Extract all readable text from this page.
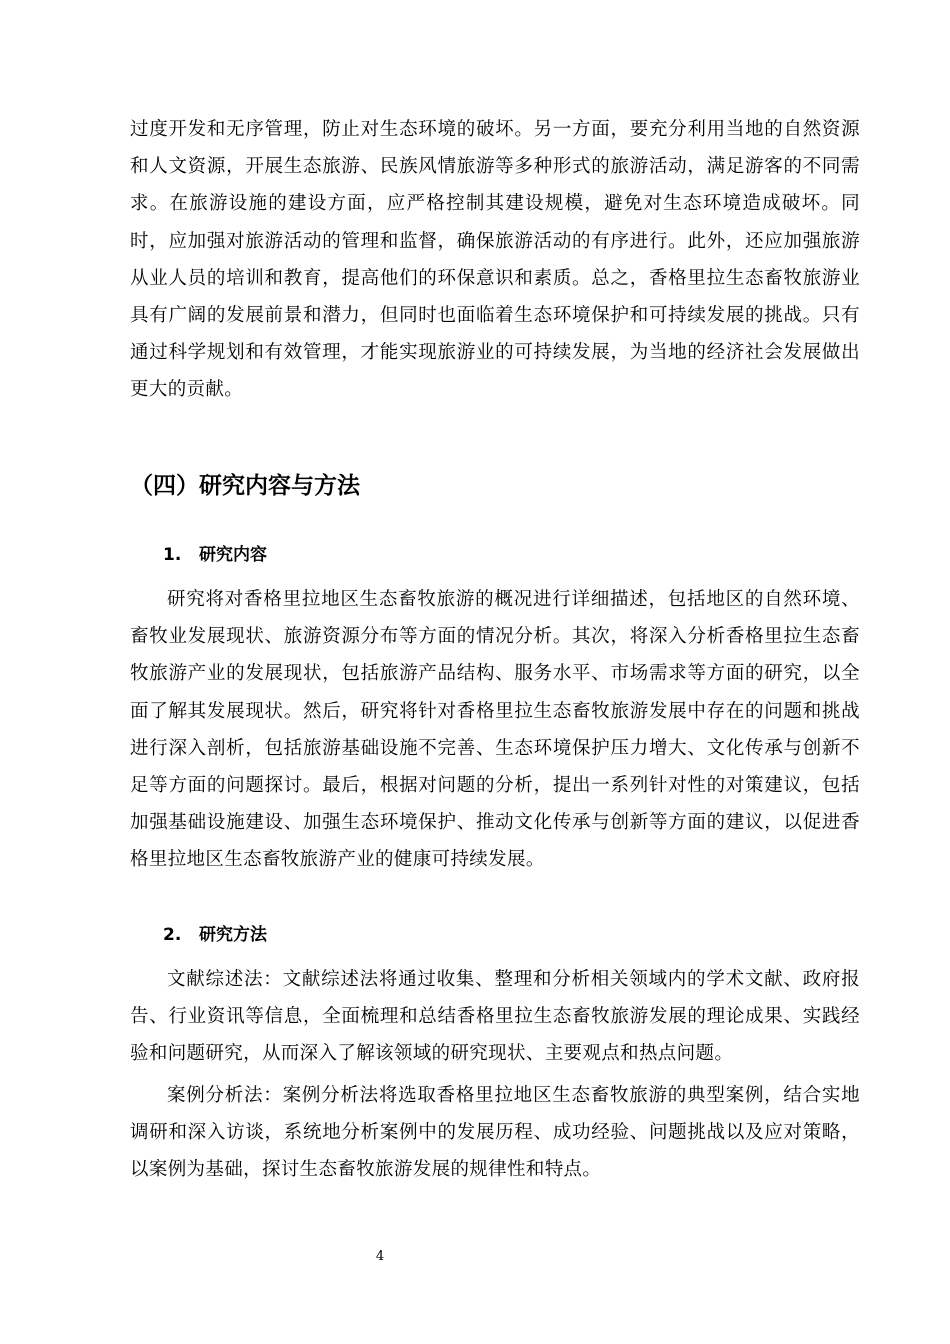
过度开发和无序管理，防止对生态环境的破坏。另一方面，要充分利用当地的自然资源和人文资源，开展生态旅游、民族风情旅游等多种形式的旅游活动，满足游客的不同需求。在旅游设施的建设方面，应严格控制其建设规模，避免对生态环境造成破坏。同时，应加强对旅游活动的管理和监督，确保旅游活动的有序进行。此外，还应加强旅游从业人员的培训和教育，提高他们的环保意识和素质。总之，香格里拉生态畜牧旅游业具有广阔的发展前景和潜力，但同时也面临着生态环境保护和可持续发展的挑战。只有通过科学规划和有效管理，才能实现旅游业的可持续发展，为当地的经济社会发展做出更大的贡献。

（四）研究内容与方法
1. 研究内容

研究将对香格里拉地区生态畜牧旅游的概况进行详细描述，包括地区的自然环境、畜牧业发展现状、旅游资源分布等方面的情况分析。其次，将深入分析香格里拉生态畜牧旅游产业的发展现状，包括旅游产品结构、服务水平、市场需求等方面的研究，以全面了解其发展现状。然后，研究将针对香格里拉生态畜牧旅游发展中存在的问题和挑战进行深入剖析，包括旅游基础设施不完善、生态环境保护压力增大、文化传承与创新不足等方面的问题探讨。最后，根据对问题的分析，提出一系列针对性的对策建议，包括加强基础设施建设、加强生态环境保护、推动文化传承与创新等方面的建议，以促进香格里拉地区生态畜牧旅游产业的健康可持续发展。

2. 研究方法

文献综述法：文献综述法将通过收集、整理和分析相关领域内的学术文献、政府报告、行业资讯等信息，全面梳理和总结香格里拉生态畜牧旅游发展的理论成果、实践经验和问题研究，从而深入了解该领域的研究现状、主要观点和热点问题。

案例分析法：案例分析法将选取香格里拉地区生态畜牧旅游的典型案例，结合实地调研和深入访谈，系统地分析案例中的发展历程、成功经验、问题挑战以及应对策略，以案例为基础，探讨生态畜牧旅游发展的规律性和特点。

4
